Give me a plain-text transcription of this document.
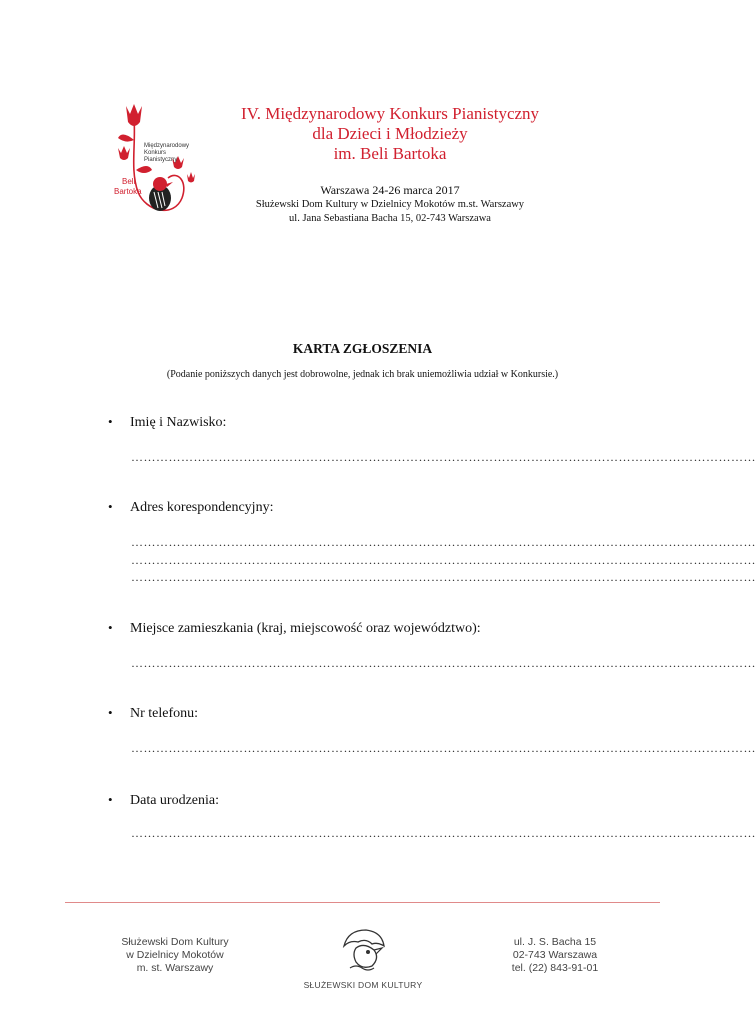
Międzynarodowy
Konkurs
Pianistyczny
Beli
Bartoka
IV. Międzynarodowy Konkurs Pianistyczny
dla Dzieci i Młodzieży
im. Beli Bartoka
Warszawa 24-26 marca 2017
Służewski Dom Kultury w Dzielnicy Mokotów m.st. Warszawy
ul. Jana Sebastiana Bacha 15, 02-743 Warszawa
KARTA ZGŁOSZENIA
(Podanie poniższych danych jest dobrowolne, jednak ich brak uniemożliwia udział w Konkursie.)
• Imię i Nazwisko:
……………………………………………………………………………………………………………………………………
• Adres korespondencyjny:
……………………………………………………………………………………………………………………………………
……………………………………………………………………………………………………………………………………
……………………………………………………………………………………………………………………………………
• Miejsce zamieszkania (kraj, miejscowość oraz województwo):
……………………………………………………………………………………………………………………………………
• Nr telefonu:
……………………………………………………………………………………………………………………………………
• Data urodzenia:
……………………………………………………………………………………………………………………………………
Służewski Dom Kultury
w Dzielnicy Mokotów
m. st. Warszawy
SŁUŻEWSKI DOM KULTURY
ul. J. S. Bacha 15
02-743 Warszawa
tel. (22) 843-91-01
